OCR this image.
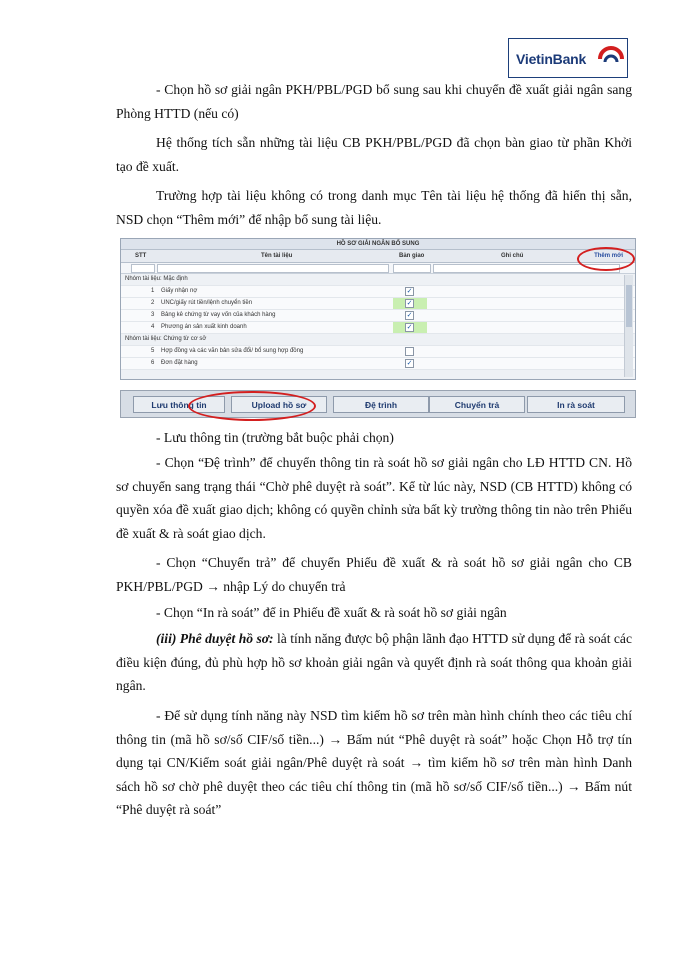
VietinBank

- Chọn hồ sơ giải ngân PKH/PBL/PGD bổ sung sau khi chuyển đề xuất giải ngân sang Phòng HTTD (nếu có)

Hệ thống tích sẵn những tài liệu CB PKH/PBL/PGD đã chọn bàn giao từ phần Khởi tạo đề xuất.

Trường hợp tài liệu không có trong danh mục Tên tài liệu hệ thống đã hiển thị sẵn, NSD chọn “Thêm mới” để nhập bổ sung tài liệu.

HỒ SƠ GIẢI NGÂN BỔ SUNG
STT	Tên tài liệu	Bản giao	Ghi chú	Thêm mới
Nhóm tài liệu: Mặc định
1 Giấy nhận nợ	✓
2 UNC/giấy rút tiền/lệnh chuyển tiền	✓
3 Bảng kê chứng từ vay vốn của khách hàng	✓
4 Phương án sản xuất kinh doanh	✓
Nhóm tài liệu: Chứng từ cơ sở
5 Hợp đồng và các văn bản sửa đổi/ bổ sung hợp đồng
6 Đơn đặt hàng	✓
Lưu thông tin	Upload hồ sơ	Đệ trình	Chuyển trả	In rà soát

- Lưu thông tin (trường bắt buộc phải chọn)

- Chọn “Đệ trình” để chuyển thông tin rà soát hồ sơ giải ngân cho LĐ HTTD CN. Hồ sơ chuyển sang trạng thái “Chờ phê duyệt rà soát”. Kể từ lúc này, NSD (CB HTTD) không có quyền xóa đề xuất giao dịch; không có quyền chỉnh sửa bất kỳ trường thông tin nào trên Phiếu đề xuất & rà soát giao dịch.

- Chọn “Chuyển trả” để chuyển Phiếu đề xuất & rà soát hồ sơ giải ngân cho CB PKH/PBL/PGD → nhập Lý do chuyển trả

- Chọn “In rà soát” để in Phiếu đề xuất & rà soát hồ sơ giải ngân

(iii) Phê duyệt hồ sơ: là tính năng được bộ phận lãnh đạo HTTD sử dụng để rà soát các điều kiện đúng, đủ phù hợp hồ sơ khoản giải ngân và quyết định rà soát thông qua khoản giải ngân.

- Để sử dụng tính năng này NSD tìm kiếm hồ sơ trên màn hình chính theo các tiêu chí thông tin (mã hồ sơ/số CIF/số tiền...) → Bấm nút “Phê duyệt rà soát” hoặc Chọn Hỗ trợ tín dụng tại CN/Kiểm soát giải ngân/Phê duyệt rà soát → tìm kiếm hồ sơ trên màn hình Danh sách hồ sơ chờ phê duyệt theo các tiêu chí thông tin (mã hồ sơ/số CIF/số tiền...) → Bấm nút “Phê duyệt rà soát”
